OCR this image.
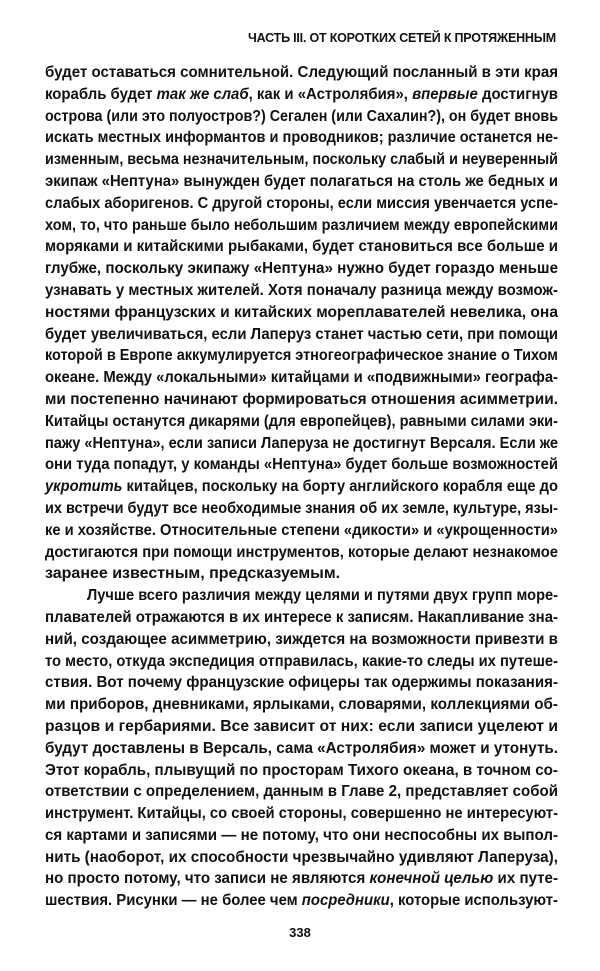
ЧАСТЬ III. ОТ КОРОТКИХ СЕТЕЙ К ПРОТЯЖЕННЫМ
будет оставаться сомнительной. Следующий посланный в эти края
корабль будет так же слаб, как и «Астролябия», впервые достигнув
острова (или это полуостров?) Сегален (или Сахалин?), он будет вновь
искать местных информантов и проводников; различие останется не-
изменным, весьма незначительным, поскольку слабый и неуверенный
экипаж «Нептуна» вынужден будет полагаться на столь же бедных и
слабых аборигенов. С другой стороны, если миссия увенчается успе-
хом, то, что раньше было небольшим различием между европейскими
моряками и китайскими рыбаками, будет становиться все больше и
глубже, поскольку экипажу «Нептуна» нужно будет гораздо меньше
узнавать у местных жителей. Хотя поначалу разница между возмож-
ностями французских и китайских мореплавателей невелика, она
будет увеличиваться, если Лаперуз станет частью сети, при помощи
которой в Европе аккумулируется этногеографическое знание о Тихом
океане. Между «локальными» китайцами и «подвижными» географа-
ми постепенно начинают формироваться отношения асимметрии.
Китайцы останутся дикарями (для европейцев), равными силами эки-
пажу «Нептуна», если записи Лаперуза не достигнут Версаля. Если же
они туда попадут, у команды «Нептуна» будет больше возможностей
укротить китайцев, поскольку на борту английского корабля еще до
их встречи будут все необходимые знания об их земле, культуре, язы-
ке и хозяйстве. Относительные степени «дикости» и «укрощенности»
достигаются при помощи инструментов, которые делают незнакомое
заранее известным, предсказуемым.
Лучше всего различия между целями и путями двух групп море-
плавателей отражаются в их интересе к записям. Накапливание зна-
ний, создающее асимметрию, зиждется на возможности привезти в
то место, откуда экспедиция отправилась, какие-то следы их путеше-
ствия. Вот почему французские офицеры так одержимы показания-
ми приборов, дневниками, ярлыками, словарями, коллекциями об-
разцов и гербариями. Все зависит от них: если записи уцелеют и
будут доставлены в Версаль, сама «Астролябия» может и утонуть.
Этот корабль, плывущий по просторам Тихого океана, в точном со-
ответствии с определением, данным в Главе 2, представляет собой
инструмент. Китайцы, со своей стороны, совершенно не интересуют-
ся картами и записями — не потому, что они неспособны их выпол-
нить (наоборот, их способности чрезвычайно удивляют Лаперуза),
но просто потому, что записи не являются конечной целью их путе-
шествия. Рисунки — не более чем посредники, которые используют-
338
